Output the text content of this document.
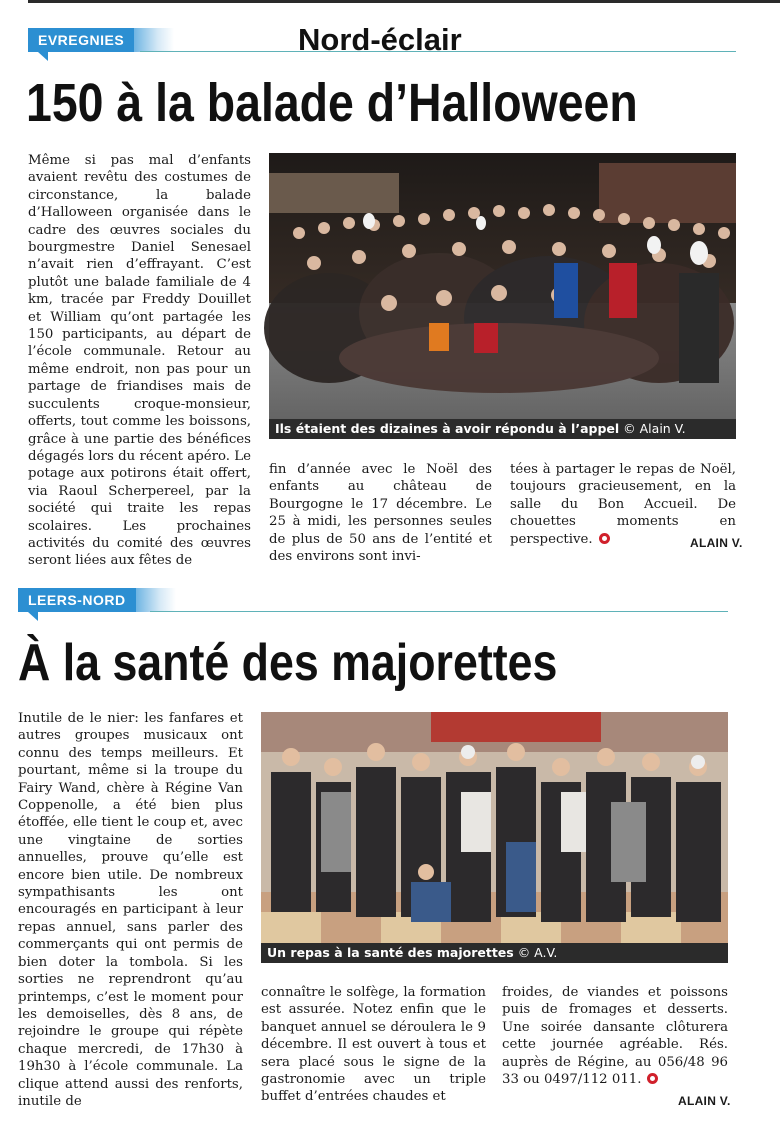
EVREGNIES	Nord-éclair
150 à la balade d’Halloween

Même si pas mal d’enfants avaient revêtu des costumes de circonstance, la balade d’Halloween organisée dans le cadre des œuvres sociales du bourgmestre Daniel Senesael n’avait rien d’effrayant. C’est plutôt une balade familiale de 4 km, tracée par Freddy Douillet et William qu’ont partagée les 150 participants, au départ de l’école communale. Retour au même endroit, non pas pour un partage de friandises mais de succulents croque-monsieur, offerts, tout comme les boissons, grâce à une partie des bénéfices dégagés lors du récent apéro. Le potage aux potirons était offert, via Raoul Scherpereel, par la société qui traite les repas scolaires. Les prochaines activités du comité des œuvres seront liées aux fêtes de

Ils étaient des dizaines à avoir répondu à l’appel © Alain V.

fin d’année avec le Noël des enfants au château de Bourgogne le 17 décembre. Le 25 à midi, les personnes seules de plus de 50 ans de l’entité et des environs sont invi-

tées à partager le repas de Noël, toujours gracieusement, en la salle du Bon Accueil. De chouettes moments en perspective.	ALAIN V.
LEERS-NORD
À la santé des majorettes

Inutile de le nier: les fanfares et autres groupes musicaux ont connu des temps meilleurs. Et pourtant, même si la troupe du Fairy Wand, chère à Régine Van Coppenolle, a été bien plus étoffée, elle tient le coup et, avec une vingtaine de sorties annuelles, prouve qu’elle est encore bien utile. De nombreux sympathisants les ont encouragés en participant à leur repas annuel, sans parler des commerçants qui ont permis de bien doter la tombola. Si les sorties ne reprendront qu’au printemps, c’est le moment pour les demoiselles, dès 8 ans, de rejoindre le groupe qui répète chaque mercredi, de 17h30 à 19h30 à l’école communale. La clique attend aussi des renforts, inutile de

Un repas à la santé des majorettes © A.V.

connaître le solfège, la formation est assurée. Notez enfin que le banquet annuel se déroulera le 9 décembre. Il est ouvert à tous et sera placé sous le signe de la gastronomie avec un triple buffet d’entrées chaudes et

froides, de viandes et poissons puis de fromages et desserts. Une soirée dansante clôturera cette journée agréable. Rés. auprès de Régine, au 056/48 96 33 ou 0497/112 011.

ALAIN V.
